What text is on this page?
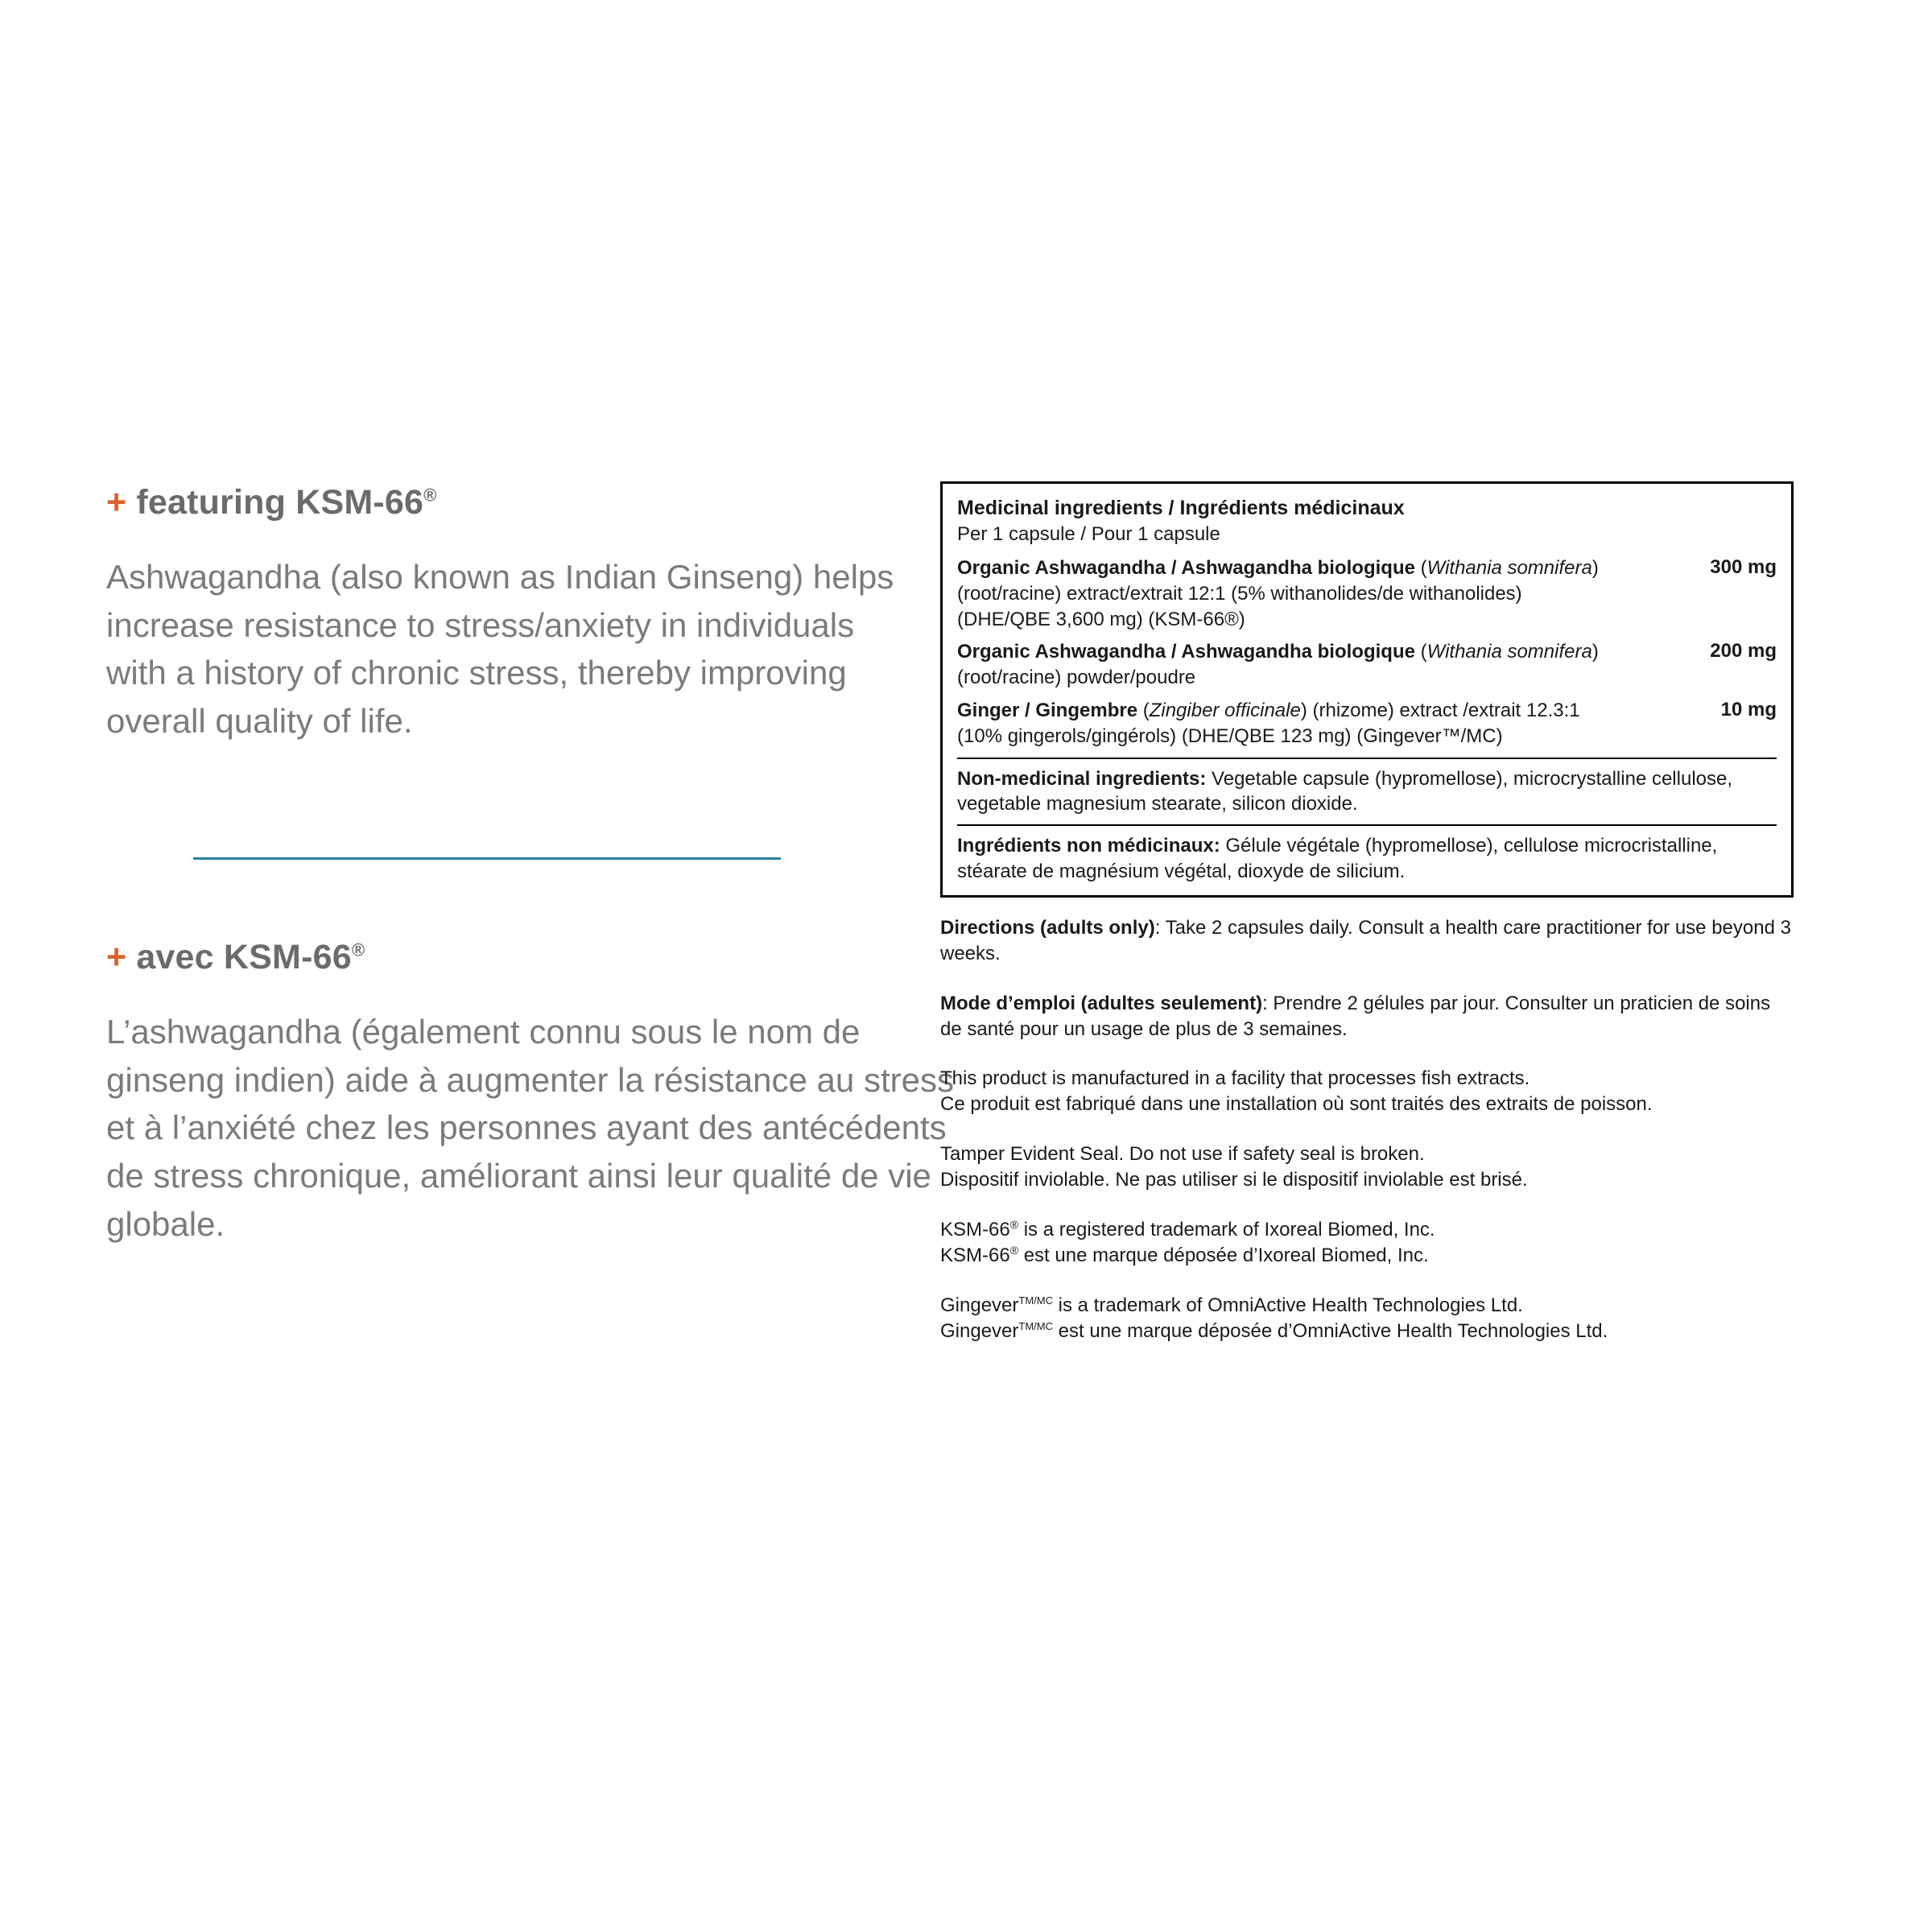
+ featuring KSM-66®

Ashwagandha (also known as Indian Ginseng) helps increase resistance to stress/anxiety in individuals with a history of chronic stress, thereby improving overall quality of life.

+ avec KSM-66®

L’ashwagandha (également connu sous le nom de ginseng indien) aide à augmenter la résistance au stress et à l’anxiété chez les personnes ayant des antécédents de stress chronique, améliorant ainsi leur qualité de vie globale.

Medicinal ingredients / Ingrédients médicinaux

Per 1 capsule / Pour 1 capsule

Organic Ashwagandha / Ashwagandha biologique (Withania somnifera)
(root/racine) extract/extrait 12:1 (5% withanolides/de withanolides)
(DHE/QBE 3,600 mg) (KSM-66®)
300 mg
Organic Ashwagandha / Ashwagandha biologique (Withania somnifera)
(root/racine) powder/poudre
200 mg
Ginger / Gingembre (Zingiber officinale) (rhizome) extract /extrait 12.3:1
(10% gingerols/gingérols) (DHE/QBE 123 mg) (Gingever™/MC)
10 mg

Non-medicinal ingredients: Vegetable capsule (hypromellose), microcrystalline cellulose, vegetable magnesium stearate, silicon dioxide.

Ingrédients non médicinaux: Gélule végétale (hypromellose), cellulose microcristalline, stéarate de magnésium végétal, dioxyde de silicium.

Directions (adults only): Take 2 capsules daily. Consult a health care practitioner for use beyond 3 weeks.

Mode d’emploi (adultes seulement): Prendre 2 gélules par jour. Consulter un praticien de soins de santé pour un usage de plus de 3 semaines.

This product is manufactured in a facility that processes fish extracts.
Ce produit est fabriqué dans une installation où sont traités des extraits de poisson.

Tamper Evident Seal. Do not use if safety seal is broken.
Dispositif inviolable. Ne pas utiliser si le dispositif inviolable est brisé.

KSM-66® is a registered trademark of Ixoreal Biomed, Inc.
KSM-66® est une marque déposée d’Ixoreal Biomed, Inc.

Gingever$^{TM/MC}$ is a trademark of OmniActive Health Technologies Ltd.
Gingever$^{TM/MC}$ est une marque déposée d’OmniActive Health Technologies Ltd.
